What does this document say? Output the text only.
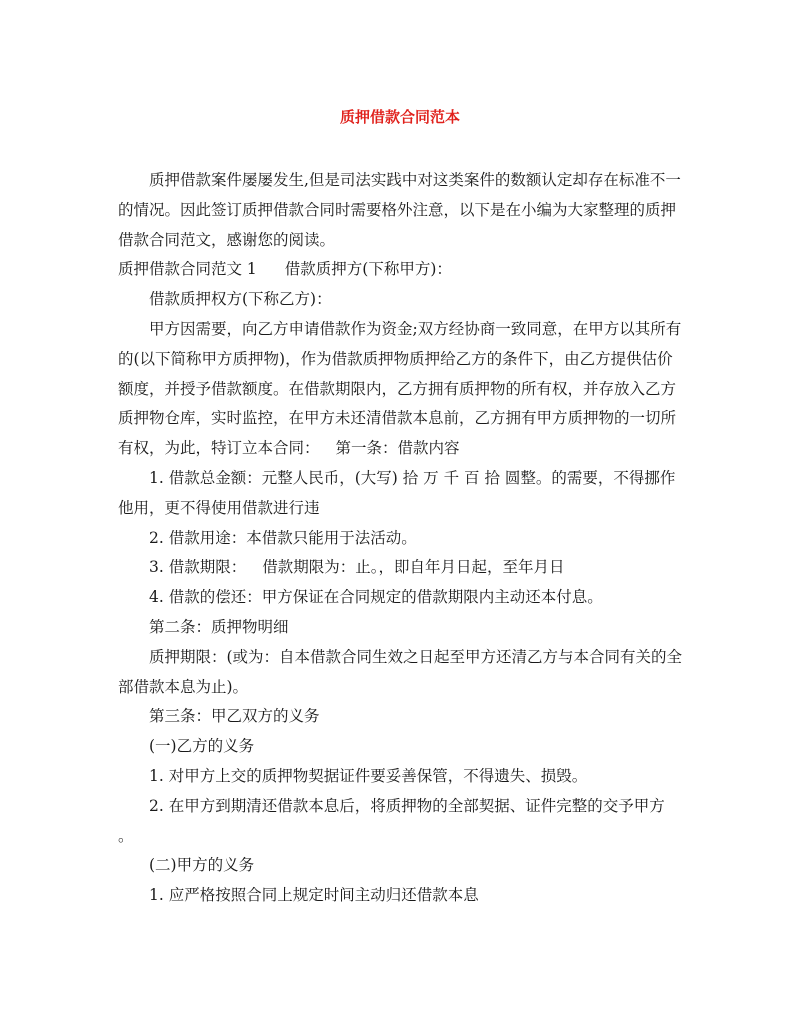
质押借款合同范本

质押借款案件屡屡发生,但是司法实践中对这类案件的数额认定却存在标准不一的情况。因此签订质押借款合同时需要格外注意，以下是在小编为大家整理的质押借款合同范文，感谢您的阅读。

质押借款合同范文 1 借款质押方(下称甲方)：

借款质押权方(下称乙方)：

甲方因需要，向乙方申请借款作为资金;双方经协商一致同意，在甲方以其所有的(以下简称甲方质押物)，作为借款质押物质押给乙方的条件下，由乙方提供估价额度，并授予借款额度。在借款期限内，乙方拥有质押物的所有权，并存放入乙方质押物仓库，实时监控，在甲方未还清借款本息前，乙方拥有甲方质押物的一切所有权，为此，特订立本合同： 第一条：借款内容

1. 借款总金额：元整人民币，(大写) 拾 万 千 百 拾 圆整。的需要，不得挪作他用，更不得使用借款进行违

2. 借款用途：本借款只能用于法活动。

3. 借款期限： 借款期限为：止。，即自年月日起，至年月日

4. 借款的偿还：甲方保证在合同规定的借款期限内主动还本付息。

第二条：质押物明细

质押期限：(或为：自本借款合同生效之日起至甲方还清乙方与本合同有关的全部借款本息为止)。

第三条：甲乙双方的义务

(一)乙方的义务

1. 对甲方上交的质押物契据证件要妥善保管，不得遗失、损毁。

2. 在甲方到期清还借款本息后，将质押物的全部契据、证件完整的交予甲方

。

(二)甲方的义务

1. 应严格按照合同上规定时间主动归还借款本息
